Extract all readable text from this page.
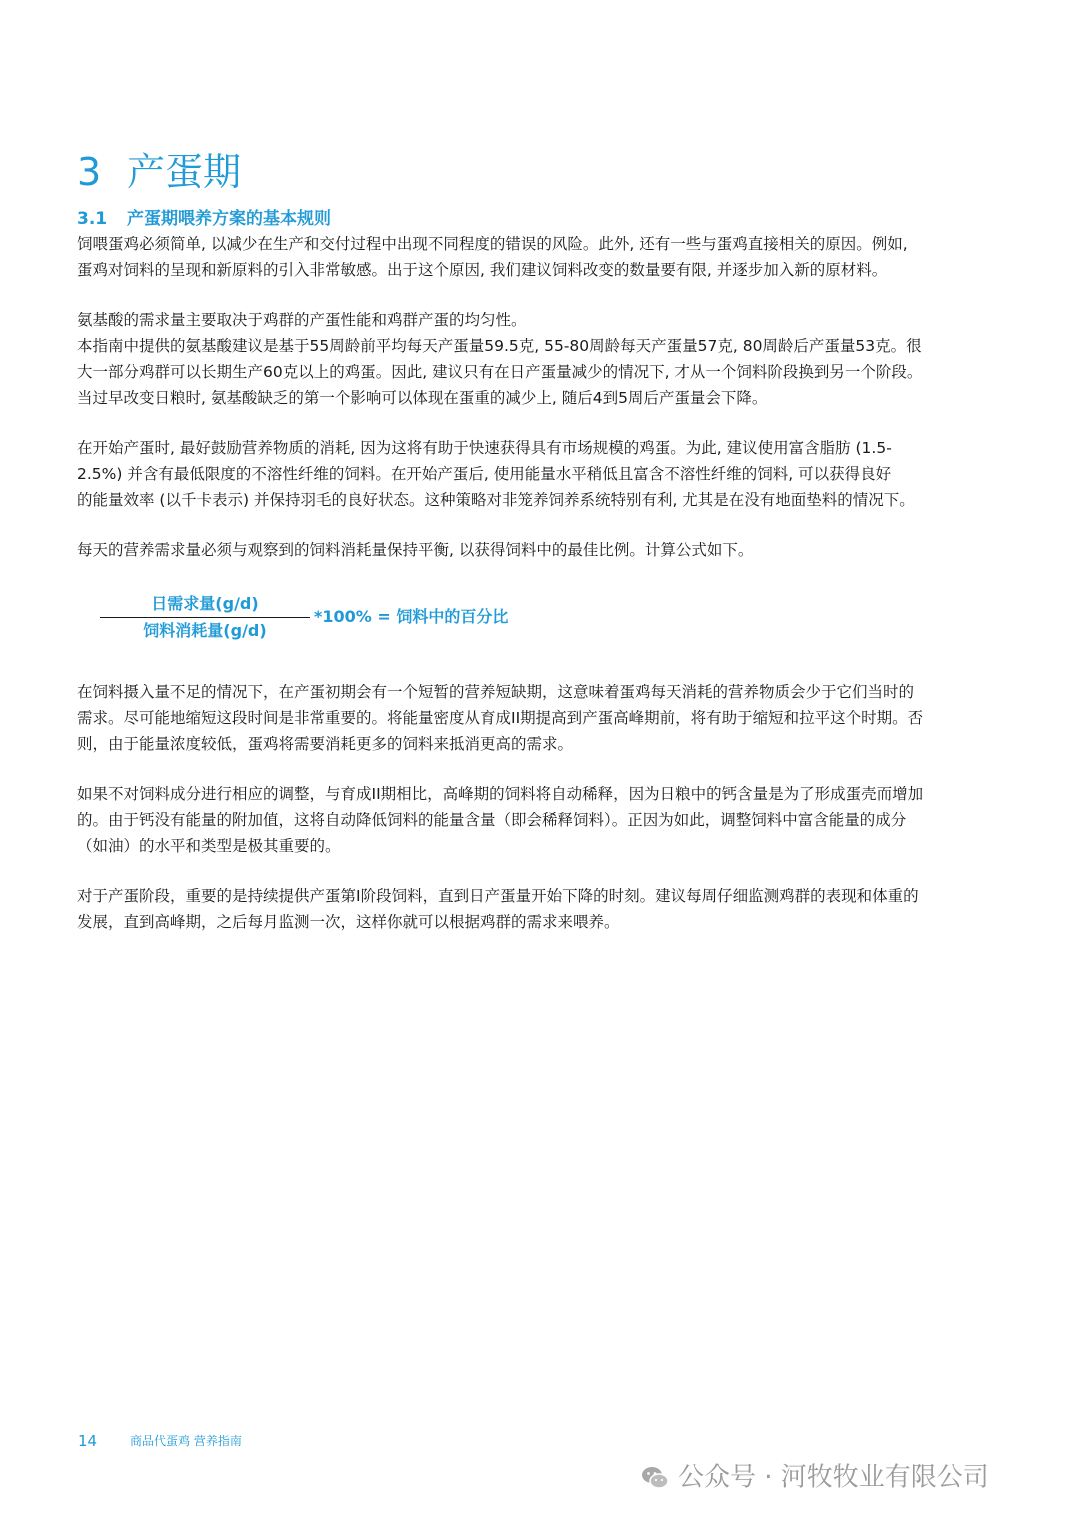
3 产蛋期
3.1 产蛋期喂养方案的基本规则

饲喂蛋鸡必须简单, 以减少在生产和交付过程中出现不同程度的错误的风险。此外, 还有一些与蛋鸡直接相关的原因。例如,
蛋鸡对饲料的呈现和新原料的引入非常敏感。出于这个原因, 我们建议饲料改变的数量要有限, 并逐步加入新的原材料。

氨基酸的需求量主要取决于鸡群的产蛋性能和鸡群产蛋的均匀性。
本指南中提供的氨基酸建议是基于55周龄前平均每天产蛋量59.5克, 55-80周龄每天产蛋量57克, 80周龄后产蛋量53克。很
大一部分鸡群可以长期生产60克以上的鸡蛋。因此, 建议只有在日产蛋量减少的情况下, 才从一个饲料阶段换到另一个阶段。
当过早改变日粮时, 氨基酸缺乏的第一个影响可以体现在蛋重的减少上, 随后4到5周后产蛋量会下降。

在开始产蛋时, 最好鼓励营养物质的消耗, 因为这将有助于快速获得具有市场规模的鸡蛋。为此, 建议使用富含脂肪 (1.5-
2.5%) 并含有最低限度的不溶性纤维的饲料。在开始产蛋后, 使用能量水平稍低且富含不溶性纤维的饲料, 可以获得良好
的能量效率 (以千卡表示) 并保持羽毛的良好状态。这种策略对非笼养饲养系统特别有利, 尤其是在没有地面垫料的情况下。

每天的营养需求量必须与观察到的饲料消耗量保持平衡, 以获得饲料中的最佳比例。计算公式如下。

日需求量(g/d)
饲料消耗量(g/d)
*100% = 饲料中的百分比

在饲料摄入量不足的情况下，在产蛋初期会有一个短暂的营养短缺期，这意味着蛋鸡每天消耗的营养物质会少于它们当时的
需求。尽可能地缩短这段时间是非常重要的。将能量密度从育成II期提高到产蛋高峰期前，将有助于缩短和拉平这个时期。否
则，由于能量浓度较低，蛋鸡将需要消耗更多的饲料来抵消更高的需求。

如果不对饲料成分进行相应的调整，与育成II期相比，高峰期的饲料将自动稀释，因为日粮中的钙含量是为了形成蛋壳而增加
的。由于钙没有能量的附加值，这将自动降低饲料的能量含量（即会稀释饲料）。正因为如此，调整饲料中富含能量的成分
（如油）的水平和类型是极其重要的。

对于产蛋阶段，重要的是持续提供产蛋第I阶段饲料，直到日产蛋量开始下降的时刻。建议每周仔细监测鸡群的表现和体重的
发展，直到高峰期，之后每月监测一次，这样你就可以根据鸡群的需求来喂养。

14	商品代蛋鸡 营养指南
公众号 · 河牧牧业有限公司
